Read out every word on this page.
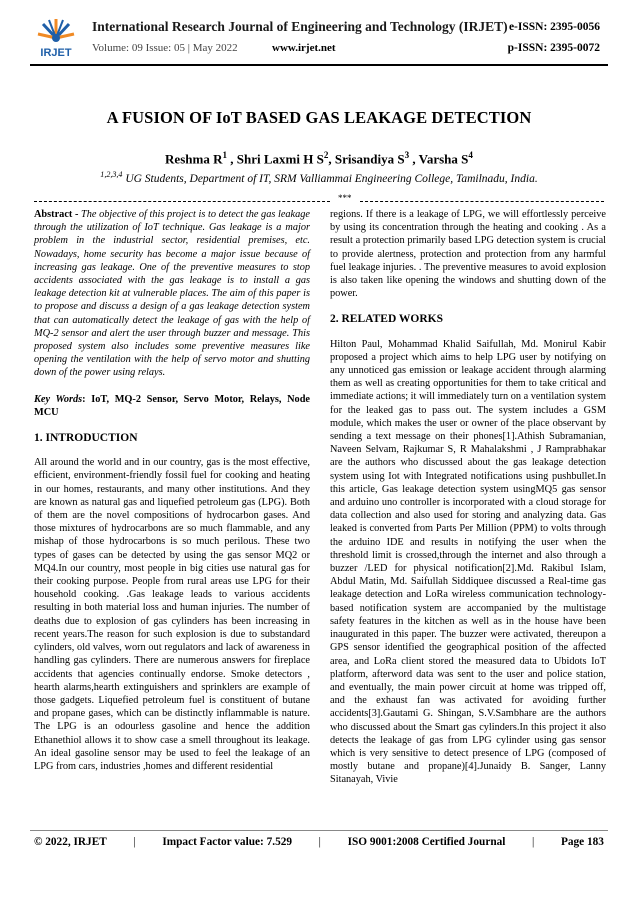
IRJET
International Research Journal of Engineering and Technology (IRJET) e-ISSN: 2395-0056
Volume: 09 Issue: 05 | May 2022	www.irjet.net	p-ISSN: 2395-0072
A FUSION OF IoT BASED GAS LEAKAGE DETECTION
Reshma $R^1$ , Shri Laxmi H $S^2$, Srisandiya $S^3$ , Varsha $S^4$
$^{1,2,3,4}$ UG Students, Department of IT, SRM Valliammai Engineering College, Tamilnadu, India.
***

Abstract - The objective of this project is to detect the gas leakage through the utilization of IoT technique. Gas leakage is a major problem in the industrial sector, residential premises, etc. Nowadays, home security has become a major issue because of increasing gas leakage. One of the preventive measures to stop accidents associated with the gas leakage is to install a gas leakage detection kit at vulnerable places. The aim of this paper is to propose and discuss a design of a gas leakage detection system that can automatically detect the leakage of gas with the help of MQ-2 sensor and alert the user through buzzer and message. This proposed system also includes some preventive measures like opening the ventilation with the help of servo motor and shutting down of the power using relays.

Key Words: IoT, MQ-2 Sensor, Servo Motor, Relays, Node MCU

1. INTRODUCTION

All around the world and in our country, gas is the most effective, efficient, environment-friendly fossil fuel for cooking and heating in our homes, restaurants, and many other institutions. And they are known as natural gas and liquefied petroleum gas (LPG). Both of them are the novel compositions of hydrocarbon gases. And those mixtures of hydrocarbons are so much flammable, and any mishap of those hydrocarbons is so much perilous. These two types of gases can be detected by using the gas sensor MQ2 or MQ4.In our country, most people in big cities use natural gas for their cooking purpose. People from rural areas use LPG for their household cooking. .Gas leakage leads to various accidents resulting in both material loss and human injuries. The number of deaths due to explosion of gas cylinders has been increasing in recent years.The reason for such explosion is due to substandard cylinders, old valves, worn out regulators and lack of awareness in handling gas cylinders. There are numerous answers for fireplace accidents that agencies continually endorse. Smoke detectors , hearth alarms,hearth extinguishers and sprinklers are example of those gadgets. Liquefied petroleum fuel is constituent of butane and propane gases, which can be distinctly inflammable is nature. The LPG is an odourless gasoline and hence the addition Ethanethiol allows it to show case a smell throughout its leakage. An ideal gasoline sensor may be used to feel the leakage of an LPG from cars, industries ,homes and different residential

regions. If there is a leakage of LPG, we will effortlessly perceive by using its concentration through the heating and cooking . As a result a protection primarily based LPG detection system is crucial to provide alertness, protection and protection from any harmful fuel leakage injuries. . The preventive measures to avoid explosion is also taken like opening the windows and shutting down of the power.

2. RELATED WORKS

Hilton Paul, Mohammad Khalid Saifullah, Md. Monirul Kabir proposed a project which aims to help LPG user by notifying on any unnoticed gas emission or leakage accident through alarming them as well as creating opportunities for them to take critical and immediate actions; it will immediately turn on a ventilation system for the leaked gas to pass out. The system includes a GSM module, which makes the user or owner of the place observant by sending a text message on their phones[1].Athish Subramanian, Naveen Selvam, Rajkumar S, R Mahalakshmi , J Ramprabhakar are the authors who discussed about the gas leakage detection system using Iot with Integrated notifications using pushbullet.In this article, Gas leakage detection system usingMQ5 gas sensor and arduino uno controller is incorporated with a cloud storage for data collection and also used for storing and analyzing data. Gas leaked is converted from Parts Per Million (PPM) to volts through the arduino IDE and results in notifying the user when the threshold limit is crossed,through the internet and also through a buzzer /LED for physical notification[2].Md. Rakibul Islam, Abdul Matin, Md. Saifullah Siddiquee discussed a Real-time gas leakage detection and LoRa wireless communication technology- based notification system are accompanied by the multistage safety features in the kitchen as well as in the house have been inaugurated in this paper. The buzzer were activated, thereupon a GPS sensor identified the geographical position of the affected area, and LoRa client stored the measured data to Ubidots IoT platform, afterword data was sent to the user and police station, and eventually, the main power circuit at home was tripped off, and the exhaust fan was activated for avoiding further accidents[3].Gautami G. Shingan, S.V.Sambhare are the authors who discussed about the Smart gas cylinders.In this project it also detects the leakage of gas from LPG cylinder using gas sensor which is very sensitive to detect presence of LPG (composed of mostly butane and propane)[4].Junaidy B. Sanger, Lanny Sitanayah, Vivie

© 2022, IRJET | Impact Factor value: 7.529 | ISO 9001:2008 Certified Journal | Page 183
